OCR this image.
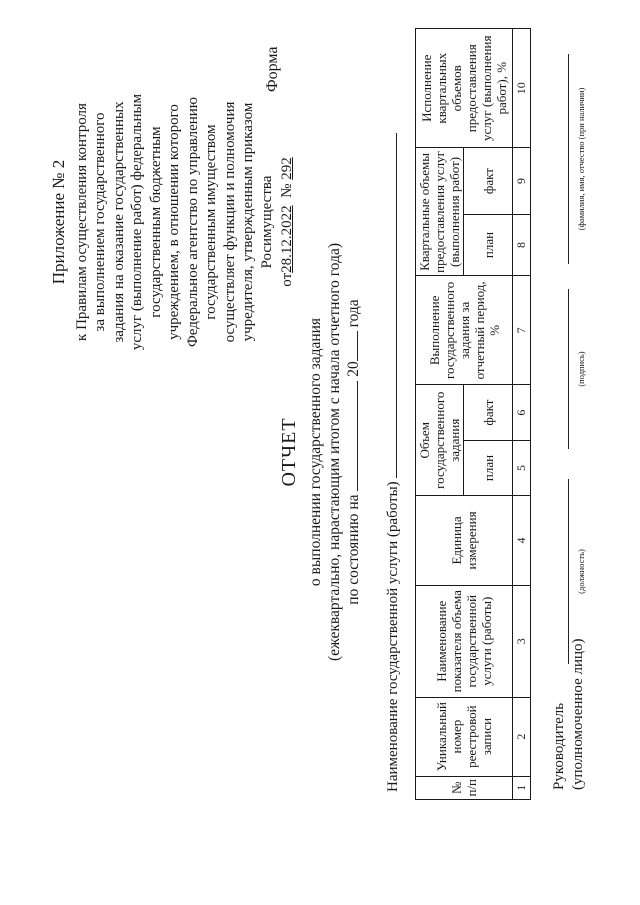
Приложение № 2 к Правилам осуществления контроля за выполнением государственного задания на оказание государственных услуг (выполнение работ) федеральным государственным бюджетным учреждением, в отношении которого Федеральное агентство по управлению государственным имуществом осуществляет функции и полномочия учредителя, утвержденным приказом Росимущества
от28.12.2022  № 292
Форма
ОТЧЕТ о выполнении государственного задания (ежеквартально, нарастающим итогом с начала отчетного года) по состоянию на  20 года
Наименование государственной услуги (работы)	№ п/п	Уникальный номер реестровой записи	Наименование показателя объема государственной услуги (работы)	Единица измерения	Объем государственного задания		Выполнение государственного задания за отчетный период, %	Квартальные объемы предоставления услуг (выполнения работ)		Исполнение квартальных объемов предоставления услуг (выполнения работ), %
				план	факт		план	факт	
1	2	3	4	5	6	7	8	9	10
Руководитель (уполномоченное лицо)
(должность)
(подпись)
(фамилия, имя, отчество (при наличии)
